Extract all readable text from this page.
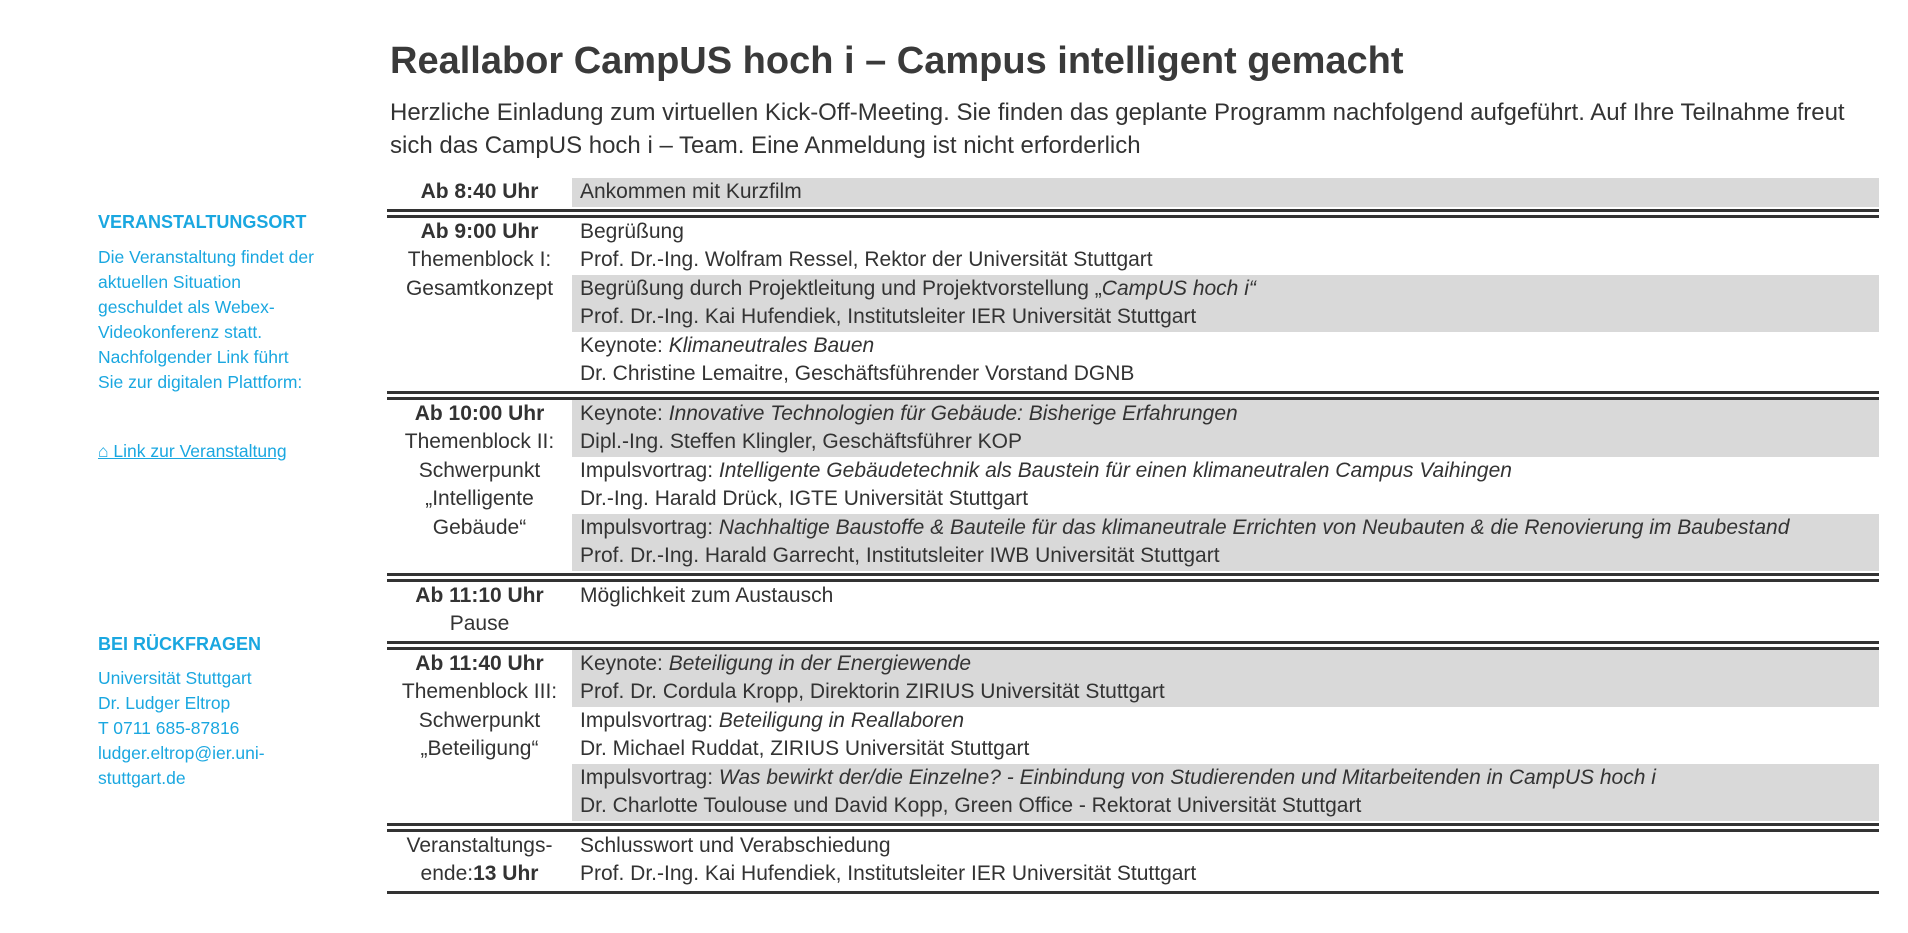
VERANSTALTUNGSORT
Die Veranstaltung findet der
aktuellen Situation
geschuldet als Webex-
Videokonferenz statt.
Nachfolgender Link führt
Sie zur digitalen Plattform:
⌂ Link zur Veranstaltung
BEI RÜCKFRAGEN
Universität Stuttgart
Dr. Ludger Eltrop
T 0711 685-87816
ludger.eltrop@ier.uni-
stuttgart.de
Reallabor CampUS hoch i – Campus intelligent gemacht
Herzliche Einladung zum virtuellen Kick-Off-Meeting. Sie finden das geplante Programm nachfolgend aufgeführt. Auf Ihre Teilnahme freut sich das CampUS hoch i – Team. Eine Anmeldung ist nicht erforderlich
Ab 8:40 Uhr	Ankommen mit Kurzfilm
Ab 9:00 Uhr
Themenblock I:
Gesamtkonzept
Begrüßung
Prof. Dr.-Ing. Wolfram Ressel, Rektor der Universität Stuttgart
Begrüßung durch Projektleitung und Projektvorstellung „CampUS hoch i“
Prof. Dr.-Ing. Kai Hufendiek, Institutsleiter IER Universität Stuttgart
Keynote: Klimaneutrales Bauen
Dr. Christine Lemaitre, Geschäftsführender Vorstand DGNB
Ab 10:00 Uhr
Themenblock II:
Schwerpunkt
„Intelligente
Gebäude“
Keynote: Innovative Technologien für Gebäude: Bisherige Erfahrungen
Dipl.-Ing. Steffen Klingler, Geschäftsführer KOP
Impulsvortrag: Intelligente Gebäudetechnik als Baustein für einen klimaneutralen Campus Vaihingen
Dr.-Ing. Harald Drück, IGTE Universität Stuttgart
Impulsvortrag: Nachhaltige Baustoffe & Bauteile für das klimaneutrale Errichten von Neubauten & die Renovierung im Baubestand
Prof. Dr.-Ing. Harald Garrecht, Institutsleiter IWB Universität Stuttgart
Ab 11:10 Uhr
Pause
Möglichkeit zum Austausch
Ab 11:40 Uhr
Themenblock III:
Schwerpunkt
„Beteiligung“
Keynote: Beteiligung in der Energiewende
Prof. Dr. Cordula Kropp, Direktorin ZIRIUS Universität Stuttgart
Impulsvortrag: Beteiligung in Reallaboren
Dr. Michael Ruddat, ZIRIUS Universität Stuttgart
Impulsvortrag: Was bewirkt der/die Einzelne? - Einbindung von Studierenden und Mitarbeitenden in CampUS hoch i
Dr. Charlotte Toulouse und David Kopp, Green Office - Rektorat Universität Stuttgart
Veranstaltungs-
ende:13 Uhr
Schlusswort und Verabschiedung
Prof. Dr.-Ing. Kai Hufendiek, Institutsleiter IER Universität Stuttgart
